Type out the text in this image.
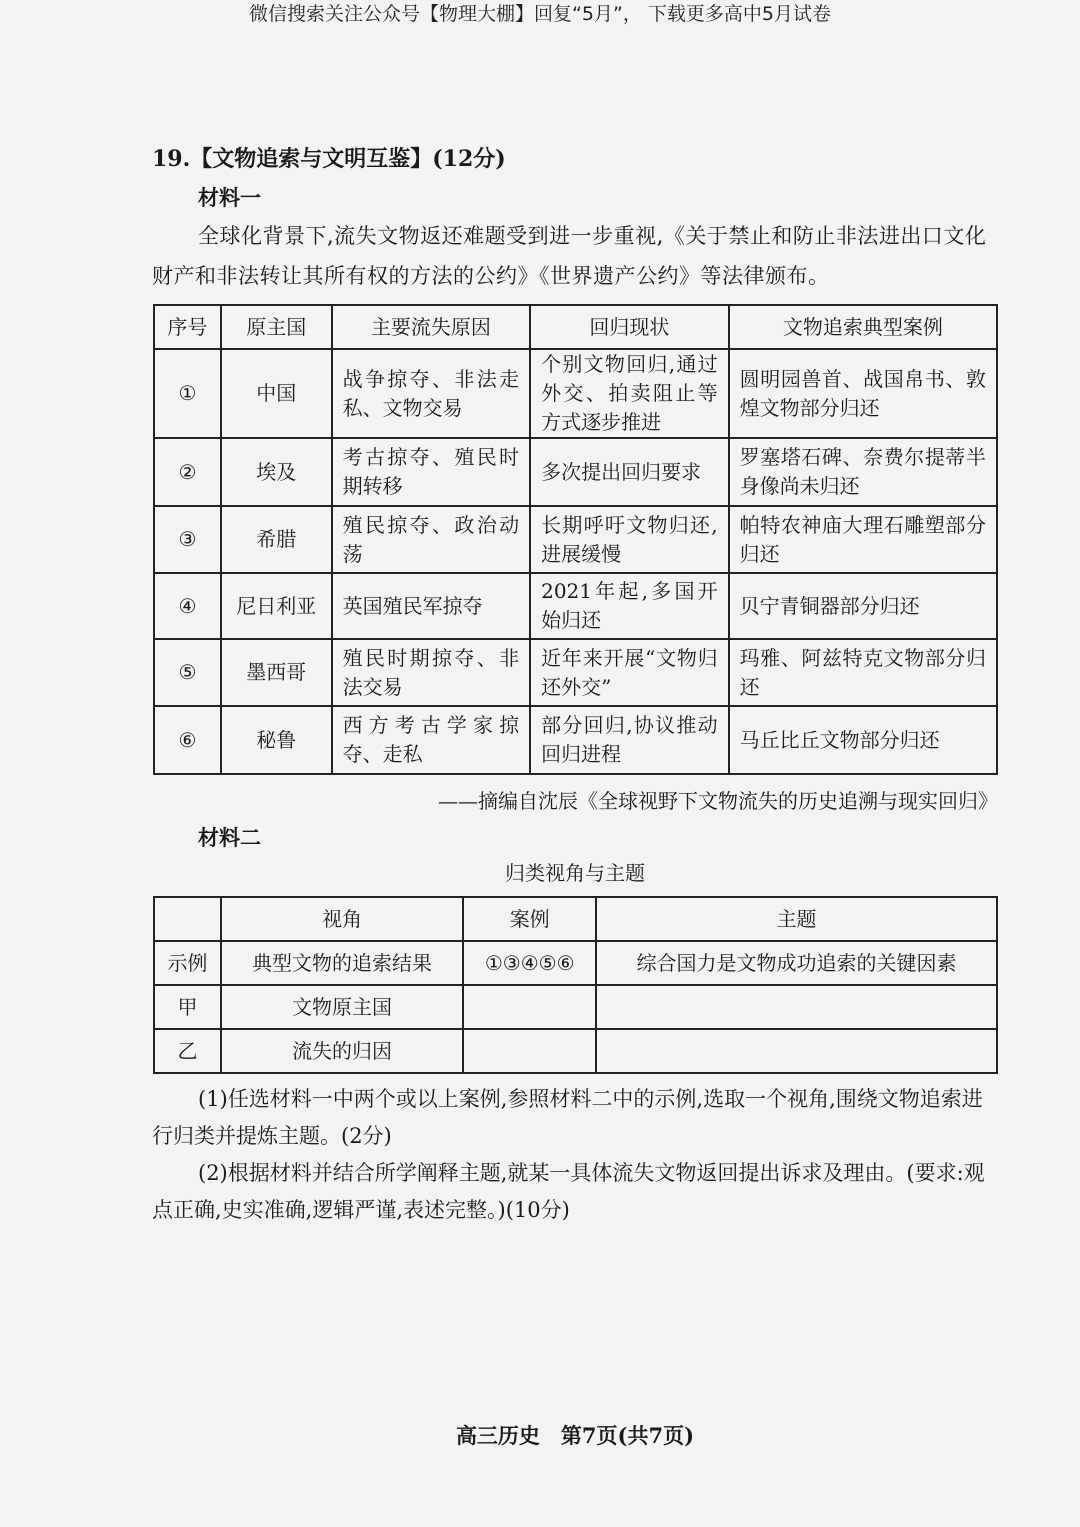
微信搜索关注公众号【物理大棚】回复“5月”， 下载更多高中5月试卷
19.【文物追索与文明互鉴】(12分)
材料一
全球化背景下,流失文物返还难题受到进一步重视,《关于禁止和防止非法进出口文化财产和非法转让其所有权的方法的公约》《世界遗产公约》等法律颁布。
序号	原主国	主要流失原因	回归现状	文物追索典型案例
①	中国	战争掠夺、非法走私、文物交易	个别文物回归,通过外交、拍卖阻止等方式逐步推进	圆明园兽首、战国帛书、敦煌文物部分归还
②	埃及	考古掠夺、殖民时期转移	多次提出回归要求	罗塞塔石碑、奈费尔提蒂半身像尚未归还
③	希腊	殖民掠夺、政治动荡	长期呼吁文物归还,进展缓慢	帕特农神庙大理石雕塑部分归还
④	尼日利亚	英国殖民军掠夺	2021年起,多国开始归还	贝宁青铜器部分归还
⑤	墨西哥	殖民时期掠夺、非法交易	近年来开展“文物归还外交”	玛雅、阿兹特克文物部分归还
⑥	秘鲁	西方考古学家掠夺、走私	部分回归,协议推动回归进程	马丘比丘文物部分归还
——摘编自沈辰《全球视野下文物流失的历史追溯与现实回归》
材料二
归类视角与主题
	视角	案例	主题
示例	典型文物的追索结果	①③④⑤⑥	综合国力是文物成功追索的关键因素
甲	文物原主国		
乙	流失的归因		
(1)任选材料一中两个或以上案例,参照材料二中的示例,选取一个视角,围绕文物追索进行归类并提炼主题。(2分)
(2)根据材料并结合所学阐释主题,就某一具体流失文物返回提出诉求及理由。(要求:观点正确,史实准确,逻辑严谨,表述完整。)(10分)
高三历史　第7页(共7页)
